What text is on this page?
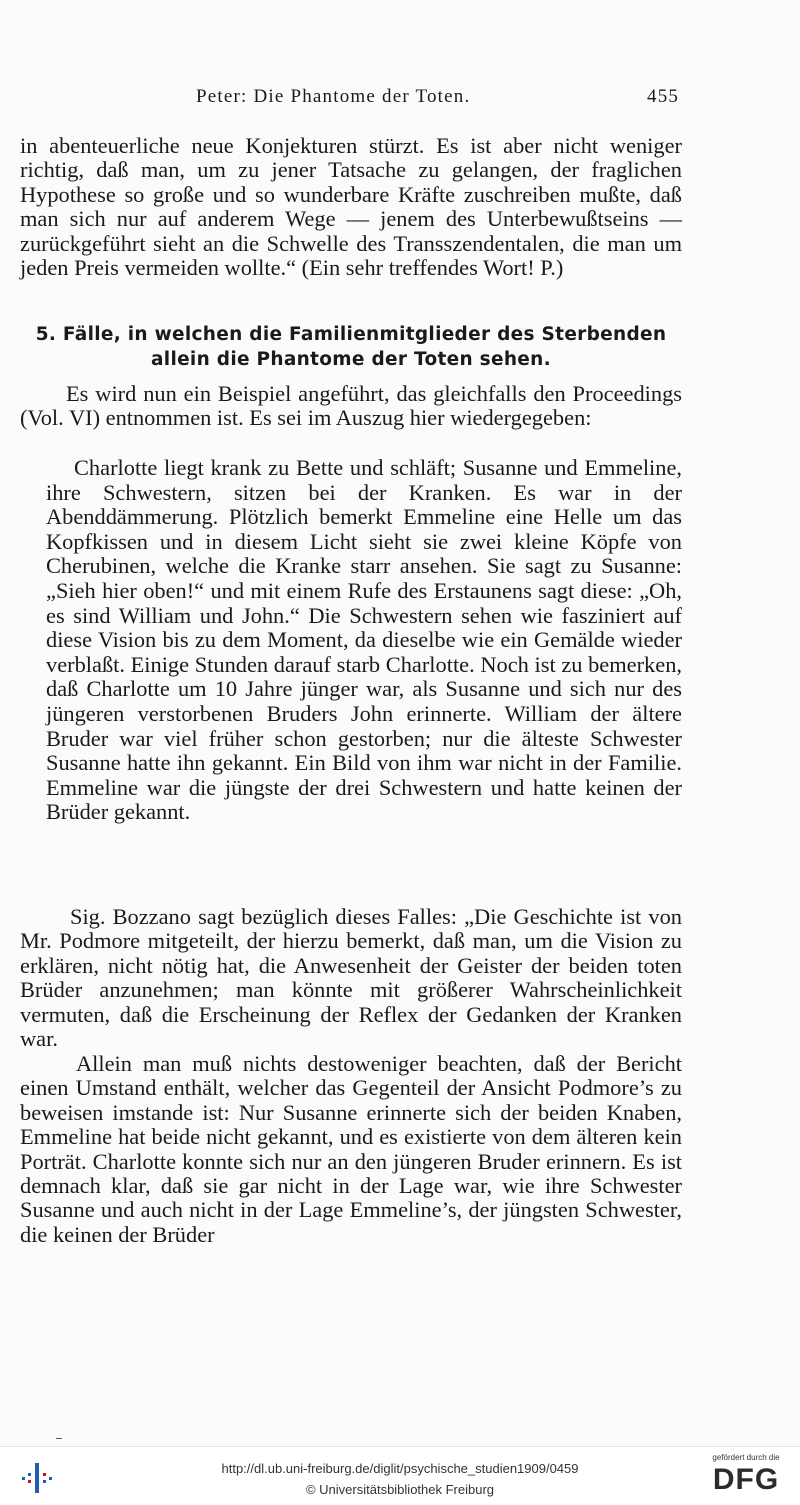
Peter: Die Phantome der Toten.	455

in abenteuerliche neue Konjekturen stürzt. Es ist aber nicht weniger richtig, daß man, um zu jener Tatsache zu gelangen, der fraglichen Hypothese so große und so wunderbare Kräfte zuschreiben mußte, daß man sich nur auf anderem Wege — jenem des Unterbewußtseins — zurückgeführt sieht an die Schwelle des Transszendentalen, die man um jeden Preis vermeiden wollte.“ (Ein sehr treffendes Wort! P.)

5. Fälle, in welchen die Familienmitglieder des Sterbenden allein die Phantome der Toten sehen.

Es wird nun ein Beispiel angeführt, das gleichfalls den Proceedings (Vol. VI) entnommen ist. Es sei im Auszug hier wiedergegeben:

Charlotte liegt krank zu Bette und schläft; Susanne und Emmeline, ihre Schwestern, sitzen bei der Kranken. Es war in der Abenddämmerung. Plötzlich bemerkt Emmeline eine Helle um das Kopfkissen und in diesem Licht sieht sie zwei kleine Köpfe von Cherubinen, welche die Kranke starr ansehen. Sie sagt zu Susanne: „Sieh hier oben!“ und mit einem Rufe des Erstaunens sagt diese: „Oh, es sind William und John.“ Die Schwestern sehen wie fasziniert auf diese Vision bis zu dem Moment, da dieselbe wie ein Gemälde wieder verblaßt. Einige Stunden darauf starb Charlotte. Noch ist zu bemerken, daß Charlotte um 10 Jahre jünger war, als Susanne und sich nur des jüngeren verstorbenen Bruders John erinnerte. William der ältere Bruder war viel früher schon gestorben; nur die älteste Schwester Susanne hatte ihn gekannt. Ein Bild von ihm war nicht in der Familie. Emmeline war die jüngste der drei Schwestern und hatte keinen der Brüder gekannt.

Sig. Bozzano sagt bezüglich dieses Falles: „Die Geschichte ist von Mr. Podmore mitgeteilt, der hierzu bemerkt, daß man, um die Vision zu erklären, nicht nötig hat, die Anwesenheit der Geister der beiden toten Brüder anzunehmen; man könnte mit größerer Wahrscheinlichkeit vermuten, daß die Erscheinung der Reflex der Gedanken der Kranken war.

Allein man muß nichts destoweniger beachten, daß der Bericht einen Umstand enthält, welcher das Gegenteil der Ansicht Podmore’s zu beweisen imstande ist: Nur Susanne erinnerte sich der beiden Knaben, Emmeline hat beide nicht gekannt, und es existierte von dem älteren kein Porträt. Charlotte konnte sich nur an den jüngeren Bruder erinnern. Es ist demnach klar, daß sie gar nicht in der Lage war, wie ihre Schwester Susanne und auch nicht in der Lage Emmeline’s, der jüngsten Schwester, die keinen der Brüder

http://dl.ub.uni-freiburg.de/diglit/psychische_studien1909/0459
© Universitätsbibliothek Freiburg
gefördert durch die
DFG
